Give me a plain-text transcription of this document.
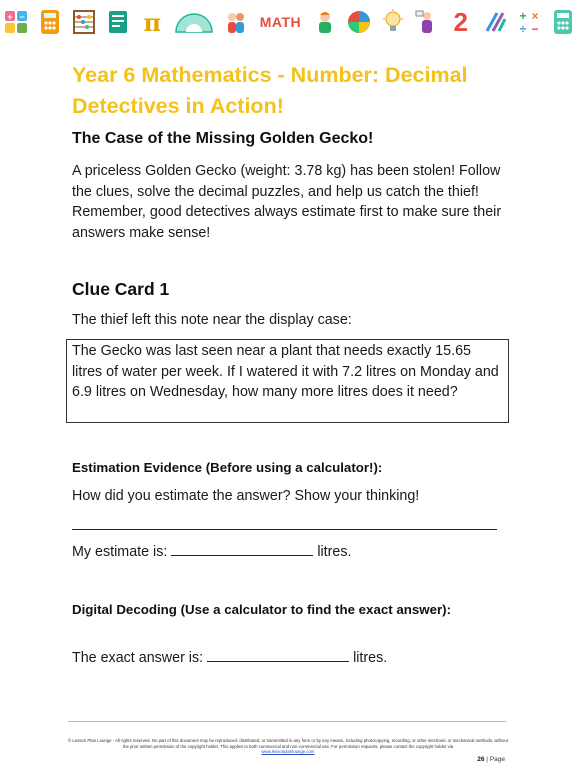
+ −	π	MATH	2	+ ×
÷ −
Year 6 Mathematics - Number: Decimal Detectives in Action!
The Case of the Missing Golden Gecko!

A priceless Golden Gecko (weight: 3.78 kg) has been stolen! Follow the clues, solve the decimal puzzles, and help us catch the thief! Remember, good detectives always estimate first to make sure their answers make sense!

Clue Card 1

The thief left this note near the display case:

The Gecko was last seen near a plant that needs exactly 15.65 litres of water per week. If I watered it with 7.2 litres on Monday and 6.9 litres on Wednesday, how many more litres does it need?
Estimation Evidence (Before using a calculator!):

How did you estimate the answer? Show your thinking!

My estimate is:	litres.

Digital Decoding (Use a calculator to find the exact answer):

The exact answer is:	litres.

© Lesson Plan Lounge - All rights reserved. No part of this document may be reproduced, distributed, or transmitted in any form or by any means, including photocopying, recording, or other electronic or mechanical methods, without the prior written permission of the copyright holder. This applies to both commercial and non-commercial use. For permission requests, please contact the copyright holder via
www.lessonplanlounge.com
26 | Page
